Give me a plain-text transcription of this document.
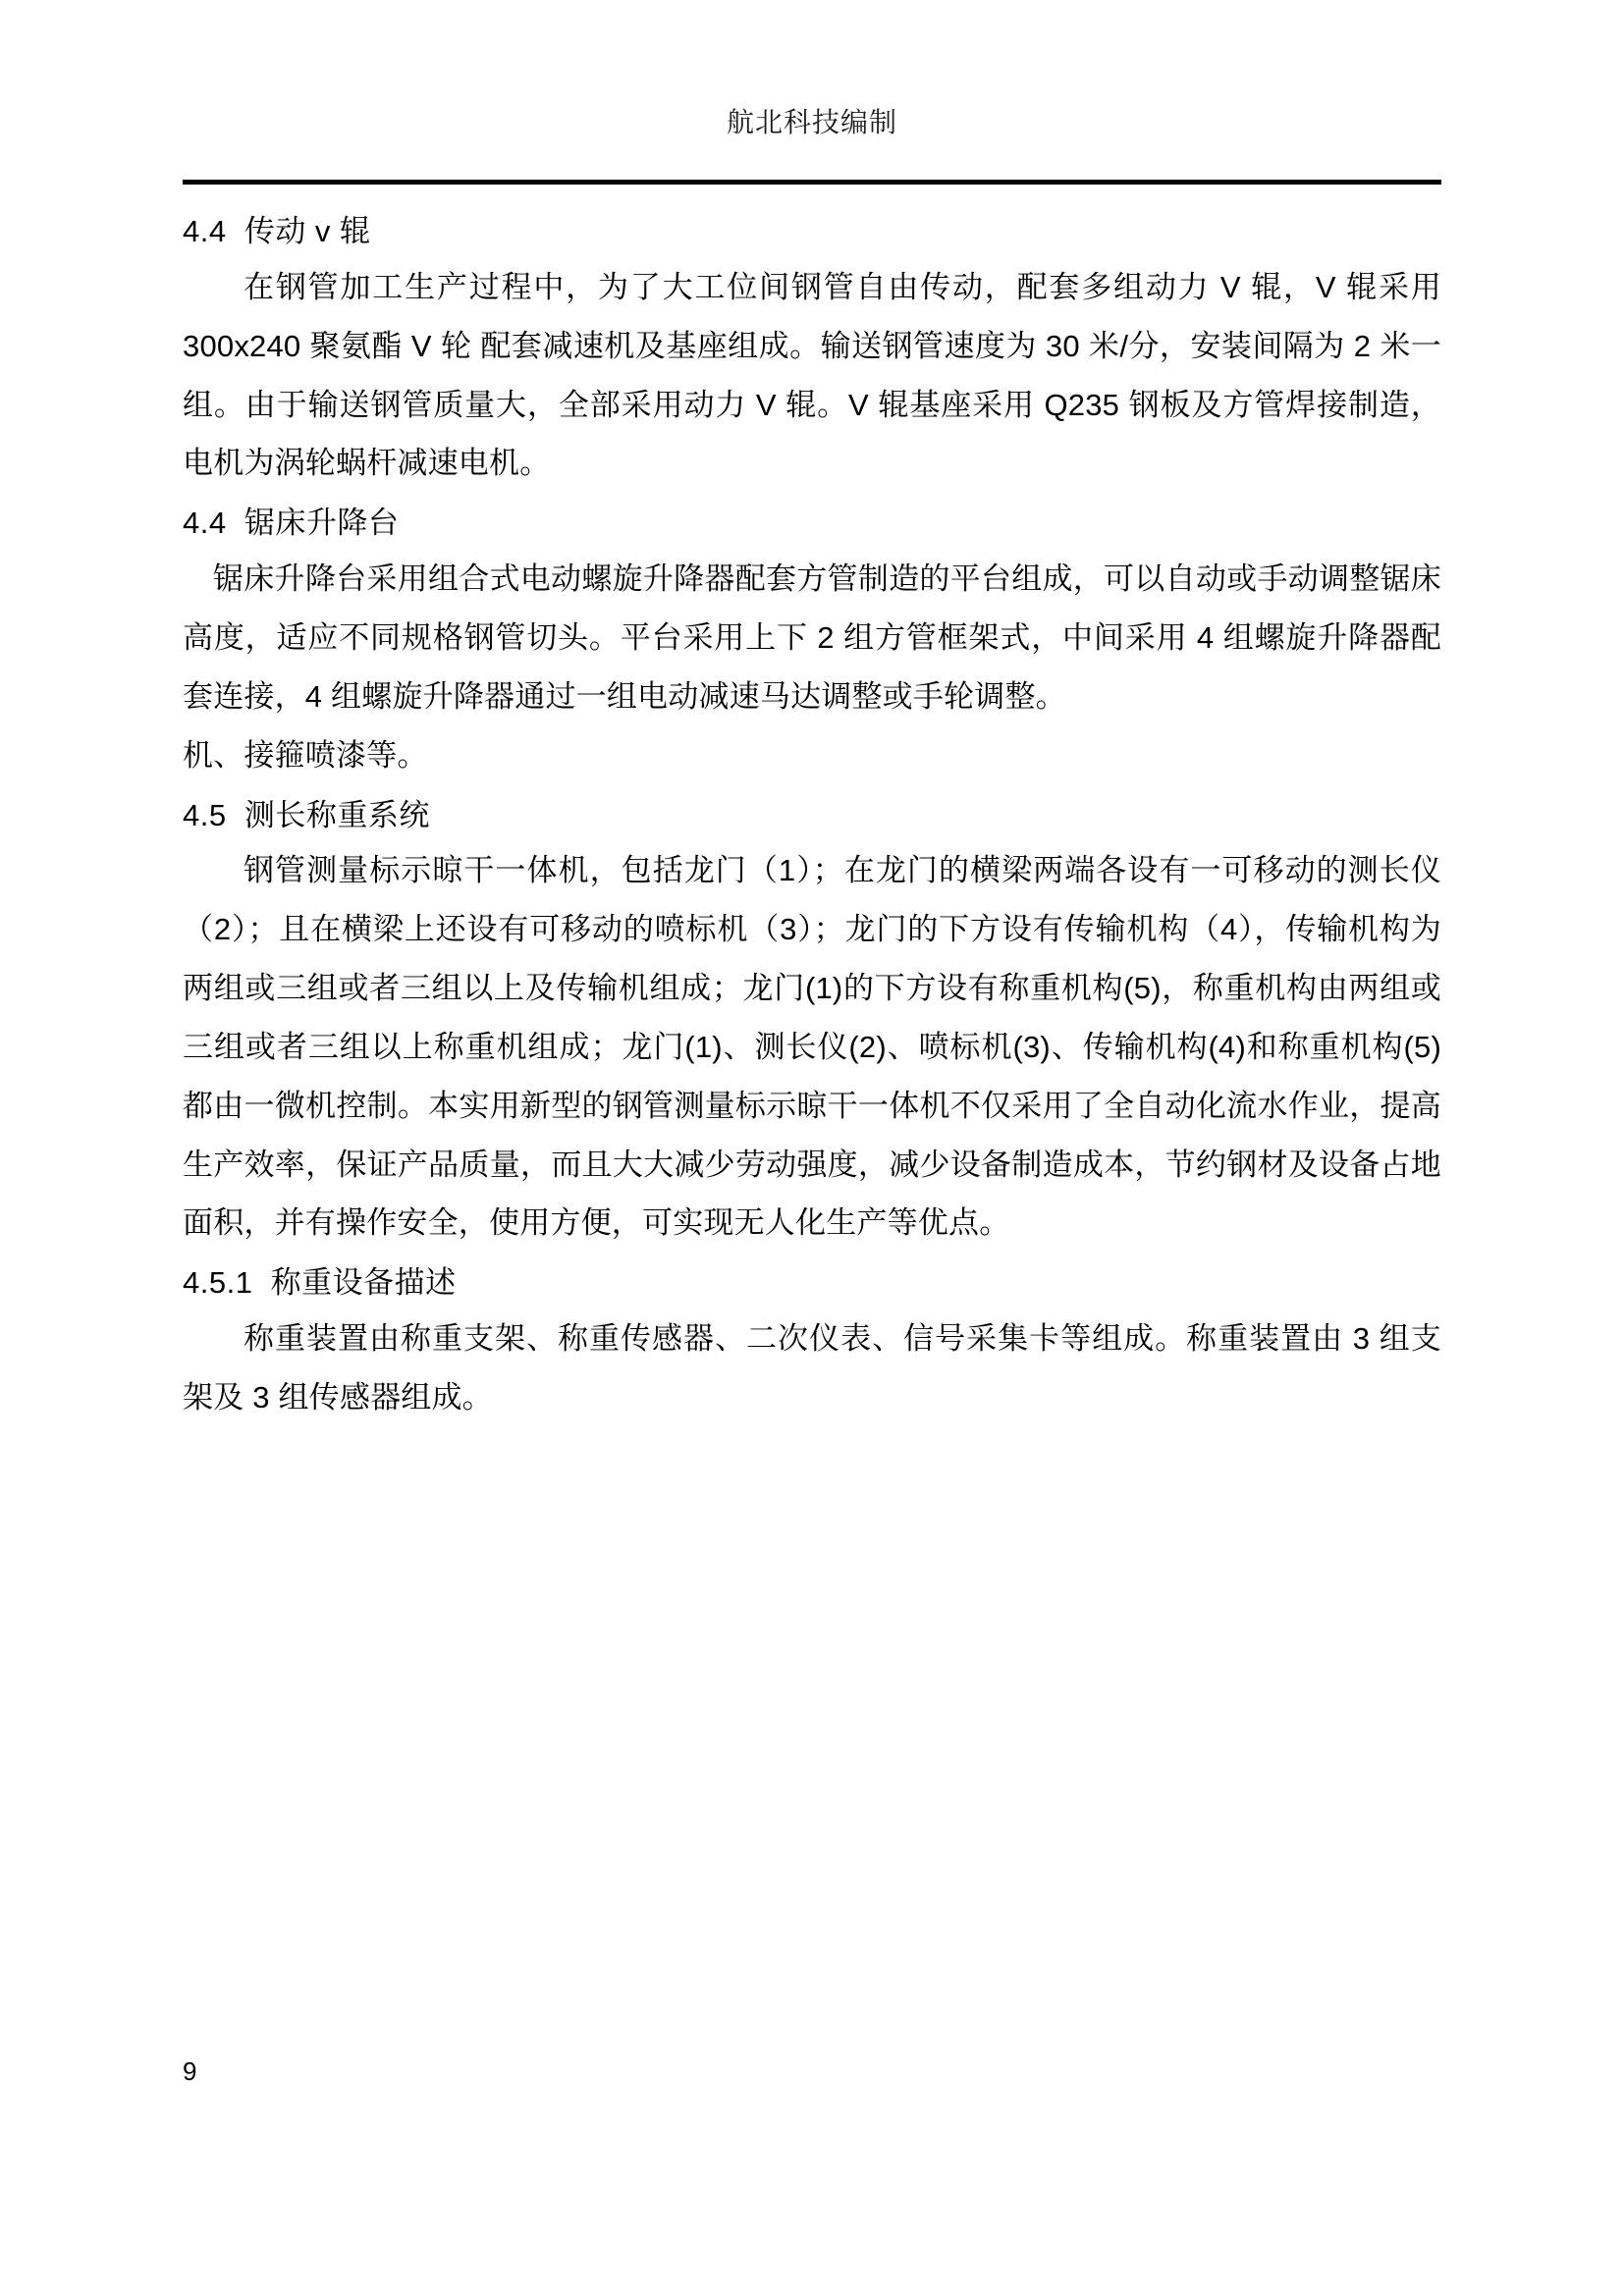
航北科技编制
4.4  传动 v 辊
在钢管加工生产过程中，为了大工位间钢管自由传动，配套多组动力 V 辊，V 辊采用 300x240 聚氨酯 V 轮 配套减速机及基座组成。输送钢管速度为 30 米/分，安装间隔为 2 米一组。由于输送钢管质量大，全部采用动力 V 辊。V 辊基座采用 Q235 钢板及方管焊接制造，电机为涡轮蜗杆减速电机。
4.4  锯床升降台
锯床升降台采用组合式电动螺旋升降器配套方管制造的平台组成，可以自动或手动调整锯床高度，适应不同规格钢管切头。平台采用上下 2 组方管框架式，中间采用 4 组螺旋升降器配套连接，4 组螺旋升降器通过一组电动减速马达调整或手轮调整。
机、接箍喷漆等。
4.5  测长称重系统
钢管测量标示晾干一体机，包括龙门（1）；在龙门的横梁两端各设有一可移动的测长仪（2）；且在横梁上还设有可移动的喷标机（3）；龙门的下方设有传输机构（4），传输机构为两组或三组或者三组以上及传输机组成；龙门(1)的下方设有称重机构(5)，称重机构由两组或三组或者三组以上称重机组成；龙门(1)、测长仪(2)、喷标机(3)、传输机构(4)和称重机构(5)都由一微机控制。本实用新型的钢管测量标示晾干一体机不仅采用了全自动化流水作业，提高生产效率，保证产品质量，而且大大减少劳动强度，减少设备制造成本，节约钢材及设备占地面积，并有操作安全，使用方便，可实现无人化生产等优点。
4.5.1  称重设备描述
称重装置由称重支架、称重传感器、二次仪表、信号采集卡等组成。称重装置由 3 组支架及 3 组传感器组成。
9
